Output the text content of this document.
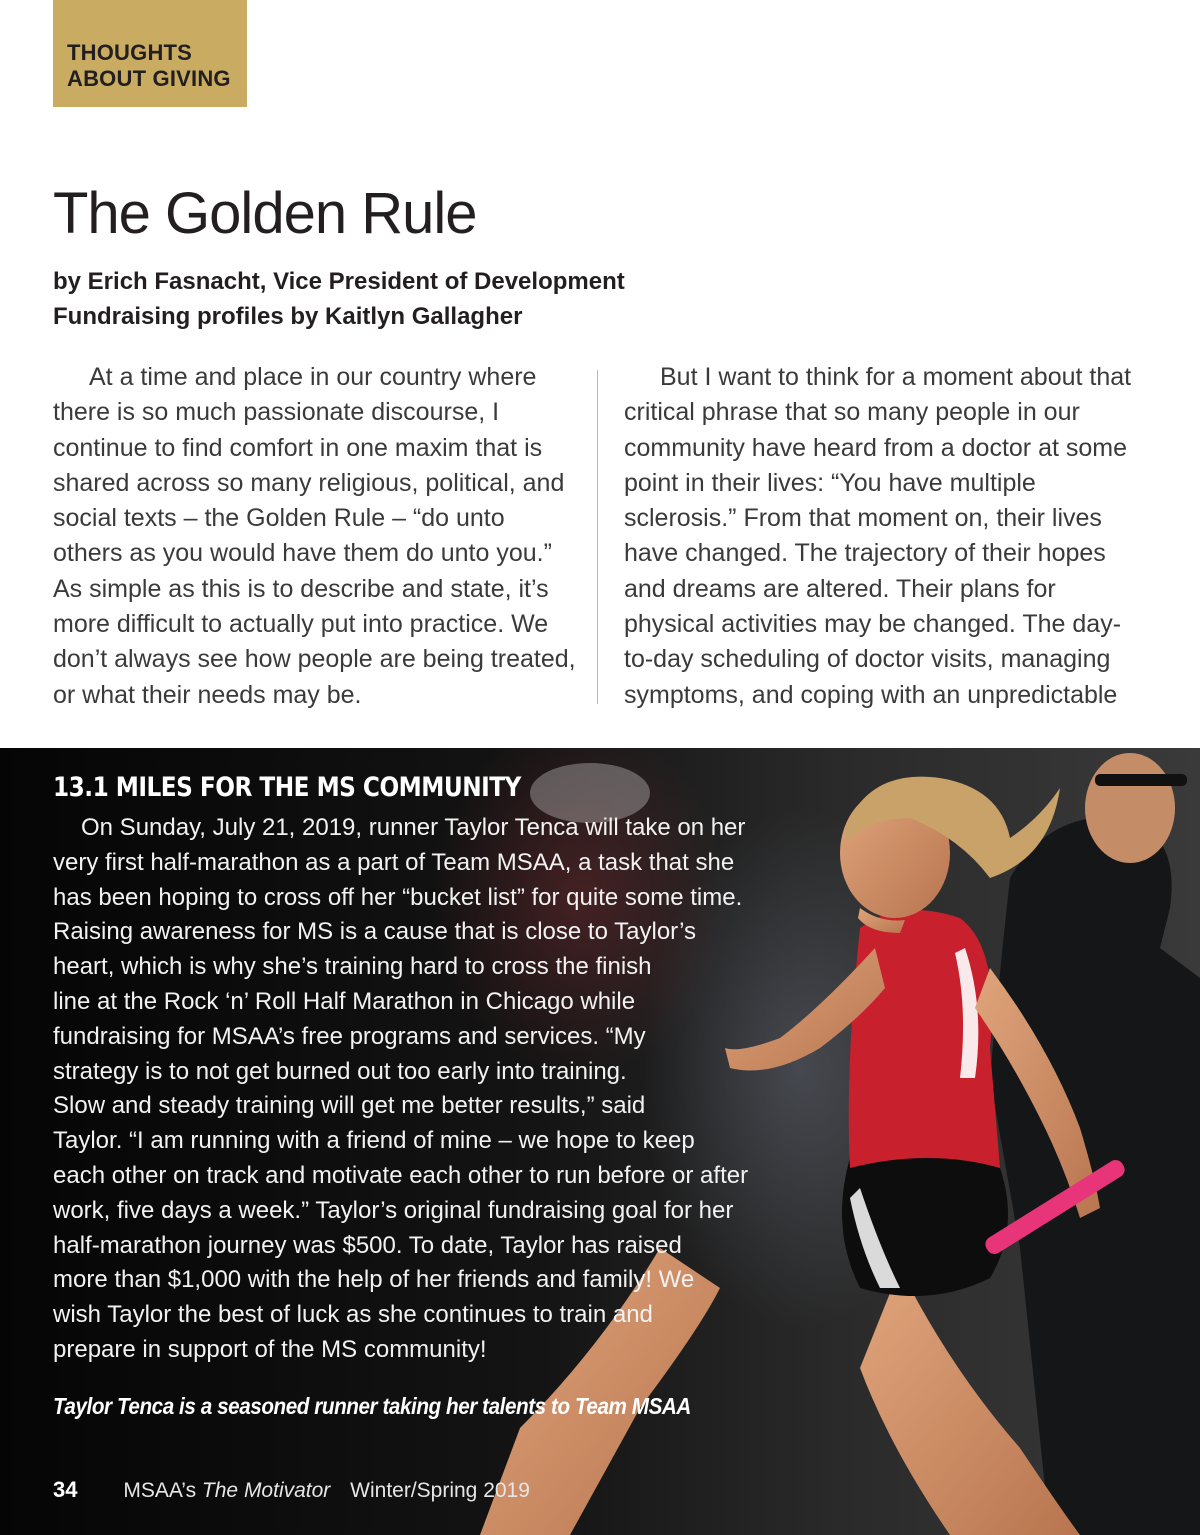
THOUGHTS
ABOUT GIVING
The Golden Rule
by Erich Fasnacht, Vice President of Development
Fundraising profiles by Kaitlyn Gallagher

At a time and place in our country where

there is so much passionate discourse, I
continue to find comfort in one maxim that is
shared across so many religious, political, and
social texts – the Golden Rule – “do unto
others as you would have them do unto you.”
As simple as this is to describe and state, it’s
more difficult to actually put into practice. We
don’t always see how people are being treated,
or what their needs may be.

But I want to think for a moment about that

critical phrase that so many people in our
community have heard from a doctor at some
point in their lives: “You have multiple
sclerosis.” From that moment on, their lives
have changed. The trajectory of their hopes
and dreams are altered. Their plans for
physical activities may be changed. The day-
to-day scheduling of doctor visits, managing
symptoms, and coping with an unpredictable
13.1 MILES FOR THE MS COMMUNITY
On Sunday, July 21, 2019, runner Taylor Tenca will take on her
very first half-marathon as a part of Team MSAA, a task that she
has been hoping to cross off her “bucket list” for quite some time.
Raising awareness for MS is a cause that is close to Taylor’s
heart, which is why she’s training hard to cross the finish
line at the Rock ‘n’ Roll Half Marathon in Chicago while
fundraising for MSAA’s free programs and services. “My
strategy is to not get burned out too early into training.
Slow and steady training will get me better results,” said
Taylor. “I am running with a friend of mine – we hope to keep
each other on track and motivate each other to run before or after
work, five days a week.” Taylor’s original fundraising goal for her
half-marathon journey was $500. To date, Taylor has raised
more than $1,000 with the help of her friends and family! We
wish Taylor the best of luck as she continues to train and
prepare in support of the MS community!
Taylor Tenca is a seasoned runner taking her talents to Team MSAA
34 MSAA’s The Motivator Winter/Spring 2019
